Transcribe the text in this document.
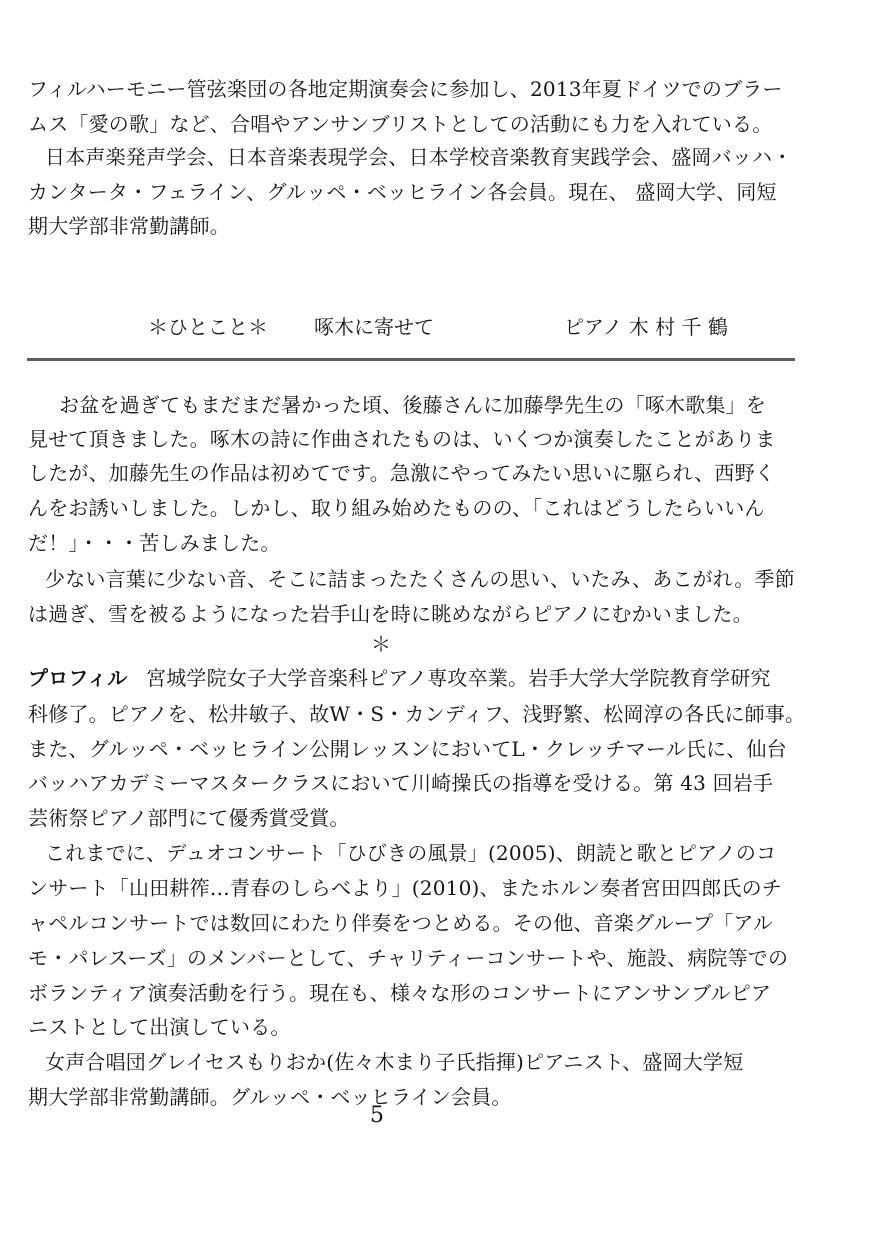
フィルハーモニー管弦楽団の各地定期演奏会に参加し、2013年夏ドイツでのブラー
ムス「愛の歌」など、合唱やアンサンブリストとしての活動にも力を入れている。
日本声楽発声学会、日本音楽表現学会、日本学校音楽教育実践学会、盛岡バッハ・
カンタータ・フェライン、グルッペ・ベッヒライン各会員。現在、 盛岡大学、同短
期大学部非常勤講師。
＊ひとこと＊ 啄木に寄せて	ピアノ 木 村 千 鶴
お盆を過ぎてもまだまだ暑かった頃、後藤さんに加藤學先生の「啄木歌集」を
見せて頂きました。啄木の詩に作曲されたものは、いくつか演奏したことがありま
したが、加藤先生の作品は初めてです。急激にやってみたい思いに駆られ、西野く
んをお誘いしました。しかし、取り組み始めたものの、「これはどうしたらいいん
だ！」・・・苦しみました。
少ない言葉に少ない音、そこに詰まったたくさんの思い、いたみ、あこがれ。季節
は過ぎ、雪を被るようになった岩手山を時に眺めながらピアノにむかいました。
＊
プロフィル 宮城学院女子大学音楽科ピアノ専攻卒業。岩手大学大学院教育学研究
科修了。ピアノを、松井敏子、故W・S・カンディフ、浅野繁、松岡淳の各氏に師事。
また、グルッペ・ベッヒライン公開レッスンにおいてL・クレッチマール氏に、仙台
バッハアカデミーマスタークラスにおいて川崎操氏の指導を受ける。第 43 回岩手
芸術祭ピアノ部門にて優秀賞受賞。
これまでに、デュオコンサート「ひびきの風景」(2005)、朗読と歌とピアノのコ
ンサート「山田耕筰…青春のしらべより」(2010)、またホルン奏者宮田四郎氏のチ
ャペルコンサートでは数回にわたり伴奏をつとめる。その他、音楽グループ「アル
モ・パレスーズ」のメンバーとして、チャリティーコンサートや、施設、病院等での
ボランティア演奏活動を行う。現在も、様々な形のコンサートにアンサンブルピア
ニストとして出演している。
女声合唱団グレイセスもりおか(佐々木まり子氏指揮)ピアニスト、盛岡大学短
期大学部非常勤講師。グルッペ・ベッヒライン会員。
5
